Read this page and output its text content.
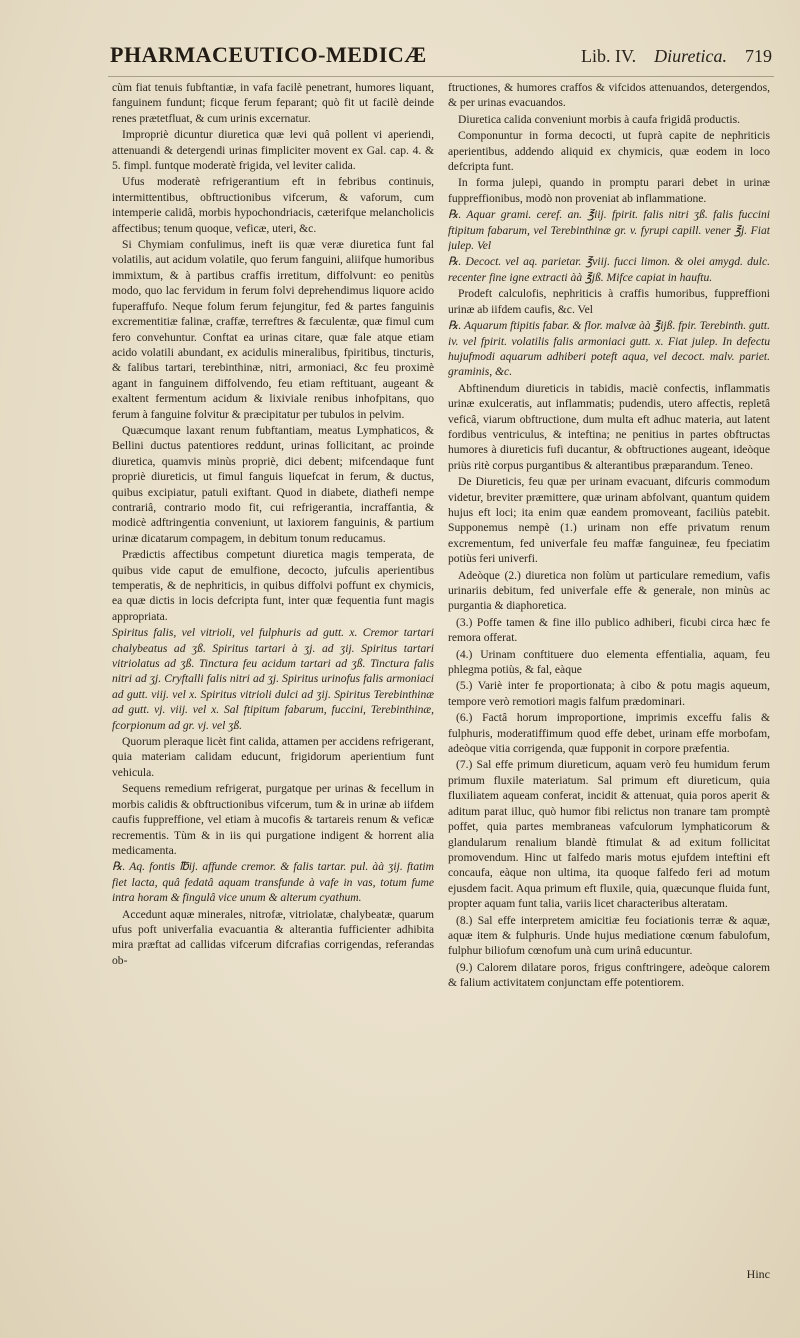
PHARMACEUTICO-MEDICÆ	Lib. IV. Diuretica. 719

cùm fiat tenuis fubftantiæ, in vafa facilè penetrant, humores liquant, fanguinem fundunt; ficque ferum feparant; quò fit ut facilè deinde renes prætetfluat, & cum urinis excernatur.

Impropriè dicuntur diuretica quæ levi quâ pollent vi aperiendi, attenuandi & detergendi urinas fimpliciter movent ex Gal. cap. 4. & 5. fimpl. funtque moderatè frigida, vel leviter calida.

Ufus moderatè refrigerantium eft in febribus continuis, intermittentibus, obftructionibus vifcerum, & vaforum, cum intemperie calidâ, morbis hypochondriacis, cæterifque melancholicis affectibus; tenum quoque, veficæ, uteri, &c.

Si Chymiam confulimus, ineft iis quæ veræ diuretica funt fal volatilis, aut acidum volatile, quo ferum fanguini, aliifque humoribus immixtum, & à partibus craffis irretitum, diffolvunt: eo penitùs modo, quo lac fervidum in ferum folvi deprehendimus liquore acido fuperaffufo. Neque folum ferum fejungitur, fed & partes fanguinis excrementitiæ falinæ, craffæ, terreftres & fæculentæ, quæ fimul cum fero convehuntur. Conftat ea urinas citare, quæ fale atque etiam acido volatili abundant, ex acidulis mineralibus, fpiritibus, tincturis, & falibus tartari, terebinthinæ, nitri, armoniaci, &c feu proximè agant in fanguinem diffolvendo, feu etiam reftituant, augeant & exaltent fermentum acidum & lixiviale renibus inhofpitans, quo ferum à fanguine folvitur & præcipitatur per tubulos in pelvim.

Quæcumque laxant renum fubftantiam, meatus Lymphaticos, & Bellini ductus patentiores reddunt, urinas follicitant, ac proinde diuretica, quamvis minùs propriè, dici debent; mifcendaque funt propriè diureticis, ut fimul fanguis liquefcat in ferum, & ductus, quibus excipiatur, patuli exiftant. Quod in diabete, diathefi nempe contrariâ, contrario modo fit, cui refrigerantia, incraffantia, & modicè adftringentia conveniunt, ut laxiorem fanguinis, & partium urinæ dicatarum compagem, in debitum tonum reducamus.

Prædictis affectibus competunt diuretica magis temperata, de quibus vide caput de emulfione, decocto, jufculis aperientibus temperatis, & de nephriticis, in quibus diffolvi poffunt ex chymicis, ea quæ dictis in locis defcripta funt, inter quæ fequentia funt magis appropriata.

Spiritus falis, vel vitrioli, vel fulphuris ad gutt. x. Cremor tartari chalybeatus ad ʒß. Spiritus tartari à ʒj. ad ʒij. Spiritus tartari vitriolatus ad ʒß. Tinctura feu acidum tartari ad ʒß. Tinctura falis nitri ad ʒj. Cryftalli falis nitri ad ʒj. Spiritus urinofus falis armoniaci ad gutt. viij. vel x. Spiritus vitrioli dulci ad ʒij. Spiritus Terebinthinæ ad gutt. vj. viij. vel x. Sal ftipitum fabarum, fuccini, Terebinthinæ, fcorpionum ad gr. vj. vel ʒß.

Quorum pleraque licèt fint calida, attamen per accidens refrigerant, quia materiam calidam educunt, frigidorum aperientium funt vehicula.

Sequens remedium refrigerat, purgatque per urinas & fecellum in morbis calidis & obftructionibus vifcerum, tum & in urinæ ab iifdem caufis fuppreffione, vel etiam à mucofis & tartareis renum & veficæ recrementis. Tùm & in iis qui purgatione indigent & horrent alia medicamenta.

℞. Aq. fontis ℔ij. affunde cremor. & falis tartar. pul. àà ʒij. ftatim fiet lacta, quâ fedatâ aquam transfunde à vafe in vas, totum fume intra horam & fingulâ vice unum & alterum cyathum.

Accedunt aquæ minerales, nitrofæ, vitriolatæ, chalybeatæ, quarum ufus poft univerfalia evacuantia & alterantia fufficienter adhibita mira præftat ad callidas vifcerum difcrafias corrigendas, referandas ob-

ftructiones, & humores craffos & vifcidos attenuandos, detergendos, & per urinas evacuandos.

Diuretica calida conveniunt morbis à caufa frigidâ productis.

Componuntur in forma decocti, ut fuprà capite de nephriticis aperientibus, addendo aliquid ex chymicis, quæ eodem in loco defcripta funt.

In forma julepi, quando in promptu parari debet in urinæ fuppreffionibus, modò non proveniat ab inflammatione.

℞. Aquar grami. ceref. an. ℥iij. fpirit. falis nitri ʒß. falis fuccini ftipitum fabarum, vel Terebinthinæ gr. v. fyrupi capill. vener ℥j. Fiat julep. Vel

℞. Decoct. vel aq. parietar. ℥viij. fucci limon. & olei amygd. dulc. recenter fine igne extracti àà ℥jß. Mifce capiat in hauftu.

Prodeft calculofis, nephriticis à craffis humoribus, fuppreffioni urinæ ab iifdem caufis, &c. Vel

℞. Aquarum ftipitis fabar. & flor. malvæ àà ℥ijß. fpir. Terebinth. gutt. iv. vel fpirit. volatilis falis armoniaci gutt. x. Fiat julep. In defectu hujufmodi aquarum adhiberi poteft aqua, vel decoct. malv. pariet. graminis, &c.

Abftinendum diureticis in tabidis, maciè confectis, inflammatis urinæ exulceratis, aut inflammatis; pudendis, utero affectis, repletâ veficâ, viarum obftructione, dum multa eft adhuc materia, aut latent fordibus ventriculus, & inteftina; ne penitius in partes obftructas humores à diureticis fufi ducantur, & obftructiones augeant, ideòque priùs ritè corpus purgantibus & alterantibus præparandum. Teneo.

De Diureticis, feu quæ per urinam evacuant, difcuris commodum videtur, breviter præmittere, quæ urinam abfolvant, quantum quidem hujus eft loci; ita enim quæ eandem promoveant, faciliùs patebit. Supponemus nempè (1.) urinam non effe privatum renum excrementum, fed univerfale feu maffæ fanguineæ, feu fpeciatim potiùs feri univerfi.

Adeòque (2.) diuretica non folùm ut particulare remedium, vafis urinariis debitum, fed univerfale effe & generale, non minùs ac purgantia & diaphoretica.

(3.) Poffe tamen & fine illo publico adhiberi, ficubi circa hæc fe remora offerat.

(4.) Urinam conftituere duo elementa effentialia, aquam, feu phlegma potiùs, & fal, eàque

(5.) Variè inter fe proportionata; à cibo & potu magis aqueum, tempore verò remotiori magis falfum prædominari.

(6.) Factâ horum improportione, imprimis exceffu falis & fulphuris, moderatiffimum quod effe debet, urinam effe morbofam, adeòque vitia corrigenda, quæ fupponit in corpore præfentia.

(7.) Sal effe primum diureticum, aquam verò feu humidum ferum primum fluxile materiatum. Sal primum eft diureticum, quia fluxiliatem aqueam conferat, incidit & attenuat, quia poros aperit & aditum parat illuc, quò humor fibi relictus non tranare tam promptè poffet, quia partes membraneas vafculorum lymphaticorum & glandularum renalium blandè ftimulat & ad exitum follicitat promovendum. Hinc ut falfedo maris motus ejufdem inteftini eft concaufa, eàque non ultima, ita quoque falfedo feri ad motum ejusdem facit. Aqua primum eft fluxile, quia, quæcunque fluida funt, propter aquam funt talia, variis licet characteribus alteratam.

(8.) Sal effe interpretem amicitiæ feu fociationis terræ & aquæ, aquæ item & fulphuris. Unde hujus mediatione cœnum fabulofum, fulphur biliofum cœnofum unà cum urinâ educuntur.

(9.) Calorem dilatare poros, frigus conftringere, adeòque calorem & falium activitatem conjunctam effe potentiorem.

Hinc
